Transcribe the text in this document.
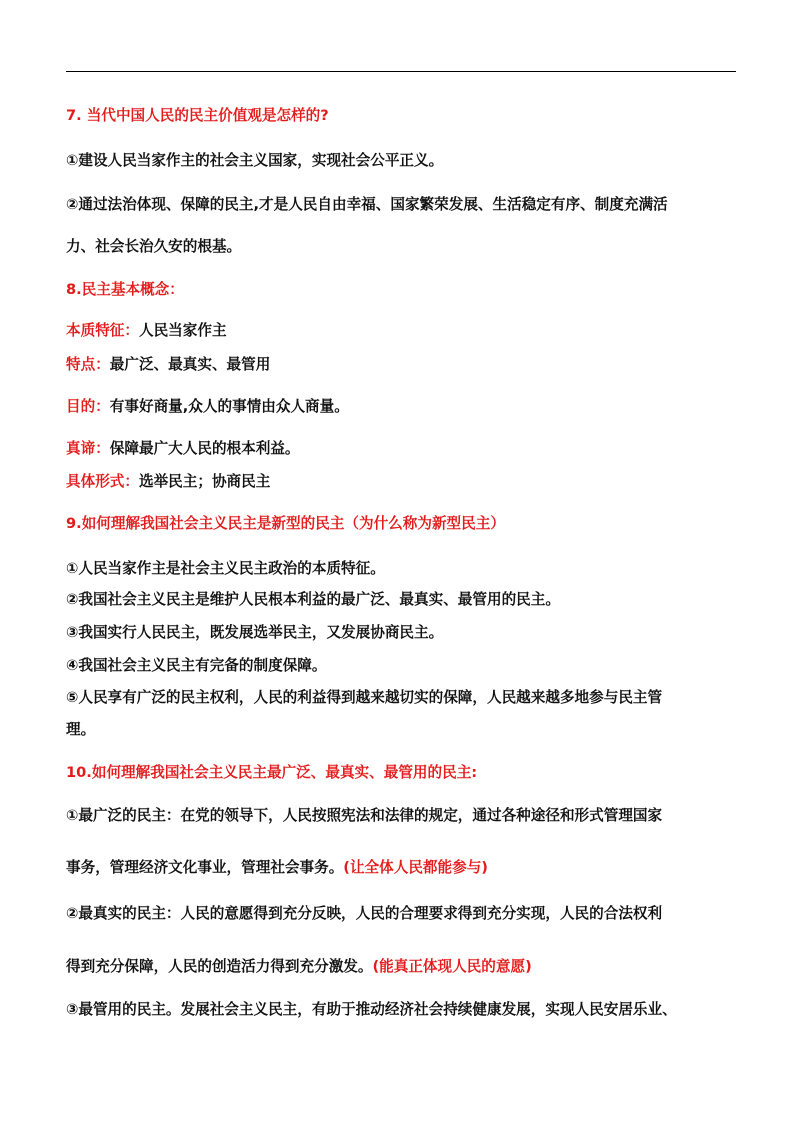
7. 当代中国人民的民主价值观是怎样的?
①建设人民当家作主的社会主义国家，实现社会公平正义。
②通过法治体现、保障的民主,才是人民自由幸福、国家繁荣发展、生活稳定有序、制度充满活
力、社会长治久安的根基。
8.民主基本概念：
本质特征：人民当家作主
特点：最广泛、最真实、最管用
目的：有事好商量,众人的事情由众人商量。
真谛：保障最广大人民的根本利益。
具体形式：选举民主；协商民主
9.如何理解我国社会主义民主是新型的民主（为什么称为新型民主）
①人民当家作主是社会主义民主政治的本质特征。
②我国社会主义民主是维护人民根本利益的最广泛、最真实、最管用的民主。
③我国实行人民民主，既发展选举民主，又发展协商民主。
④我国社会主义民主有完备的制度保障。
⑤人民享有广泛的民主权利，人民的利益得到越来越切实的保障，人民越来越多地参与民主管
理。
10.如何理解我国社会主义民主最广泛、最真实、最管用的民主:
①最广泛的民主：在党的领导下，人民按照宪法和法律的规定，通过各种途径和形式管理国家
事务，管理经济文化事业，管理社会事务。(让全体人民都能参与)
②最真实的民主：人民的意愿得到充分反映，人民的合理要求得到充分实现，人民的合法权利
得到充分保障，人民的创造活力得到充分激发。(能真正体现人民的意愿)
③最管用的民主。发展社会主义民主，有助于推动经济社会持续健康发展，实现人民安居乐业、
